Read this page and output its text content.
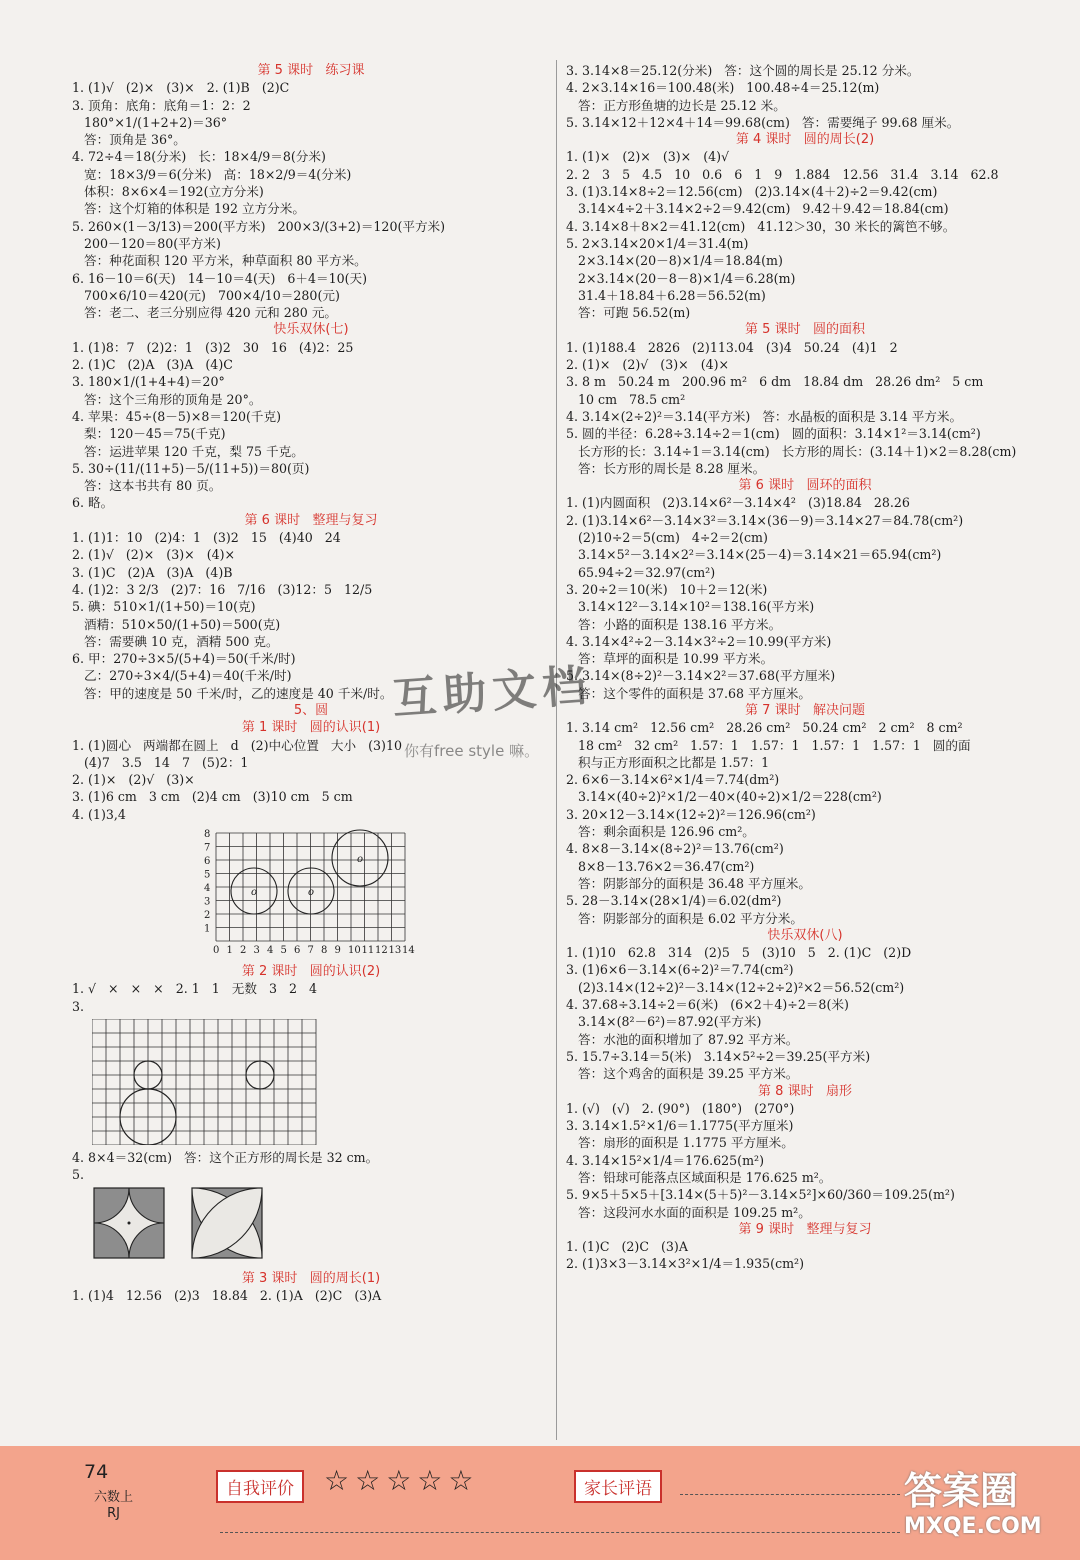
第 5 课时   练习课
1. (1)√   (2)×   (3)×   2. (1)B   (2)C
3. 顶角：底角：底角＝1：2：2
180°×1/(1+2+2)＝36°
答：顶角是 36°。
4. 72÷4＝18(分米)   长：18×4/9＝8(分米)
宽：18×3/9＝6(分米)   高：18×2/9＝4(分米)
体积：8×6×4＝192(立方分米)
答：这个灯箱的体积是 192 立方分米。
5. 260×(1－3/13)＝200(平方米)   200×3/(3+2)＝120(平方米)
200－120＝80(平方米)
答：种花面积 120 平方米，种草面积 80 平方米。
6. 16－10＝6(天)   14－10＝4(天)   6＋4＝10(天)
700×6/10＝420(元)   700×4/10＝280(元)
答：老二、老三分别应得 420 元和 280 元。
快乐双休(七)
1. (1)8：7   (2)2：1   (3)2   30   16   (4)2：25
2. (1)C   (2)A   (3)A   (4)C
3. 180×1/(1+4+4)＝20°
答：这个三角形的顶角是 20°。
4. 苹果：45÷(8－5)×8＝120(千克)
梨：120－45＝75(千克)
答：运进苹果 120 千克，梨 75 千克。
5. 30÷(11/(11+5)－5/(11+5))＝80(页)
答：这本书共有 80 页。
6. 略。
第 6 课时   整理与复习
1. (1)1：10   (2)4：1   (3)2   15   (4)40   24
2. (1)√   (2)×   (3)×   (4)×
3. (1)C   (2)A   (3)A   (4)B
4. (1)2：3 2/3   (2)7：16   7/16   (3)12：5   12/5
5. 碘：510×1/(1+50)＝10(克)
酒精：510×50/(1+50)＝500(克)
答：需要碘 10 克，酒精 500 克。
6. 甲：270÷3×5/(5+4)＝50(千米/时)
乙：270÷3×4/(5+4)＝40(千米/时)
答：甲的速度是 50 千米/时，乙的速度是 40 千米/时。
5、圆
第 1 课时   圆的认识(1)
1. (1)圆心   两端都在圆上   d   (2)中心位置   大小   (3)10
(4)7   3.5   14   7   (5)2：1
2. (1)×   (2)√   (3)×
3. (1)6 cm   3 cm   (2)4 cm   (3)10 cm   5 cm
4. (1)3,4
o	o
o
8
7
6
5
4
3
2
1
0 1 2 3 4 5 6 7 8 9 10 11 12 13 14
第 2 课时   圆的认识(2)
1. √   ×   ×   ×   2. 1   1   无数   3   2   4
3.
4. 8×4＝32(cm)   答：这个正方形的周长是 32 cm。
5.
第 3 课时   圆的周长(1)
1. (1)4   12.56   (2)3   18.84   2. (1)A   (2)C   (3)A
3. 3.14×8＝25.12(分米)   答：这个圆的周长是 25.12 分米。
4. 2×3.14×16＝100.48(米)   100.48÷4＝25.12(m)
答：正方形鱼塘的边长是 25.12 米。
5. 3.14×12＋12×4＋14＝99.68(cm)   答：需要绳子 99.68 厘米。
第 4 课时   圆的周长(2)
1. (1)×   (2)×   (3)×   (4)√
2. 2   3   5   4.5   10   0.6   6   1   9   1.884   12.56   31.4   3.14   62.8
3. (1)3.14×8÷2＝12.56(cm)   (2)3.14×(4＋2)÷2＝9.42(cm)
3.14×4÷2＋3.14×2÷2＝9.42(cm)   9.42＋9.42＝18.84(cm)
4. 3.14×8＋8×2＝41.12(cm)   41.12＞30，30 米长的篱笆不够。
5. 2×3.14×20×1/4＝31.4(m)
2×3.14×(20－8)×1/4＝18.84(m)
2×3.14×(20－8－8)×1/4＝6.28(m)
31.4＋18.84＋6.28＝56.52(m)
答：可跑 56.52(m)
第 5 课时   圆的面积
1. (1)188.4   2826   (2)113.04   (3)4   50.24   (4)1   2
2. (1)×   (2)√   (3)×   (4)×
3. 8 m   50.24 m   200.96 m²   6 dm   18.84 dm   28.26 dm²   5 cm
10 cm   78.5 cm²
4. 3.14×(2÷2)²＝3.14(平方米)   答：水晶板的面积是 3.14 平方米。
5. 圆的半径：6.28÷3.14÷2＝1(cm)   圆的面积：3.14×1²＝3.14(cm²)
长方形的长：3.14÷1＝3.14(cm)   长方形的周长：(3.14＋1)×2＝8.28(cm)
答：长方形的周长是 8.28 厘米。
第 6 课时   圆环的面积
1. (1)内圆面积   (2)3.14×6²－3.14×4²   (3)18.84   28.26
2. (1)3.14×6²－3.14×3²＝3.14×(36－9)＝3.14×27＝84.78(cm²)
(2)10÷2＝5(cm)   4÷2＝2(cm)
3.14×5²－3.14×2²＝3.14×(25－4)＝3.14×21＝65.94(cm²)
65.94÷2＝32.97(cm²)
3. 20÷2＝10(米)   10＋2＝12(米)
3.14×12²－3.14×10²＝138.16(平方米)
答：小路的面积是 138.16 平方米。
4. 3.14×4²÷2－3.14×3²÷2＝10.99(平方米)
答：草坪的面积是 10.99 平方米。
5. 3.14×(8÷2)²－3.14×2²＝37.68(平方厘米)
答：这个零件的面积是 37.68 平方厘米。
第 7 课时   解决问题
1. 3.14 cm²   12.56 cm²   28.26 cm²   50.24 cm²   2 cm²   8 cm²
18 cm²   32 cm²   1.57：1   1.57：1   1.57：1   1.57：1   圆的面
积与正方形面积之比都是 1.57：1
2. 6×6－3.14×6²×1/4＝7.74(dm²)
3.14×(40÷2)²×1/2－40×(40÷2)×1/2＝228(cm²)
3. 20×12－3.14×(12÷2)²＝126.96(cm²)
答：剩余面积是 126.96 cm²。
4. 8×8－3.14×(8÷2)²＝13.76(cm²)
8×8－13.76×2＝36.47(cm²)
答：阴影部分的面积是 36.48 平方厘米。
5. 28－3.14×(28×1/4)＝6.02(dm²)
答：阴影部分的面积是 6.02 平方分米。
快乐双休(八)
1. (1)10   62.8   314   (2)5   5   (3)10   5   2. (1)C   (2)D
3. (1)6×6－3.14×(6÷2)²＝7.74(cm²)
(2)3.14×(12÷2)²－3.14×(12÷2÷2)²×2＝56.52(cm²)
4. 37.68÷3.14÷2＝6(米)   (6×2＋4)÷2＝8(米)
3.14×(8²－6²)＝87.92(平方米)
答：水池的面积增加了 87.92 平方米。
5. 15.7÷3.14＝5(米)   3.14×5²÷2＝39.25(平方米)
答：这个鸡舍的面积是 39.25 平方米。
第 8 课时   扇形
1. (√)   (√)   2. (90°)   (180°)   (270°)
3. 3.14×1.5²×1/6＝1.1775(平方厘米)
答：扇形的面积是 1.1775 平方厘米。
4. 3.14×15²×1/4＝176.625(m²)
答：铅球可能落点区域面积是 176.625 m²。
5. 9×5＋5×5＋[3.14×(5＋5)²－3.14×5²]×60/360＝109.25(m²)
答：这段河水水面的面积是 109.25 m²。
第 9 课时   整理与复习
1. (1)C   (2)C   (3)A
2. (1)3×3－3.14×3²×1/4＝1.935(cm²)
互助文档
你有free style 嘛。
74
六数上
RJ
自我评价	☆☆☆☆☆	家长评语	答案圈
MXQE.COM
